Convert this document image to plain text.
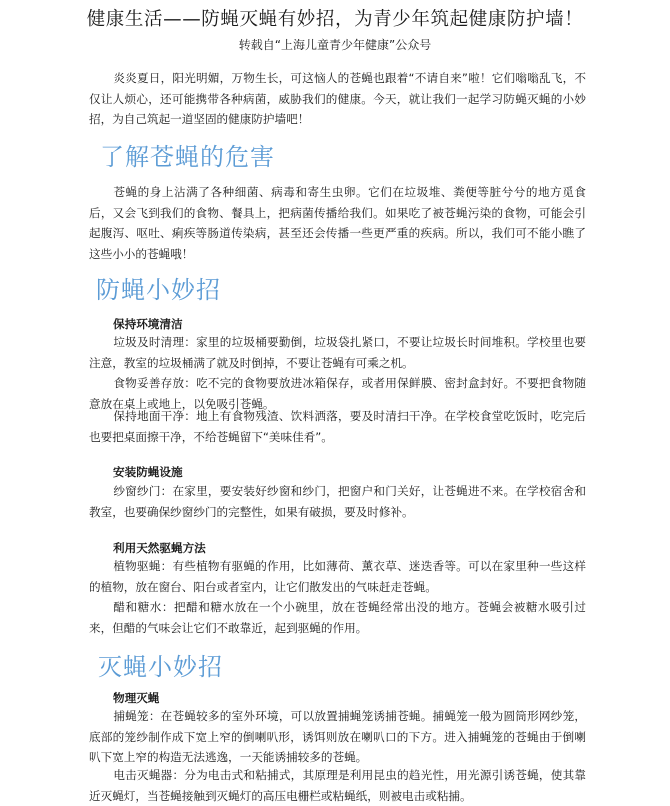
健康生活——防蝇灭蝇有妙招，为青少年筑起健康防护墙！
转载自“上海儿童青少年健康”公众号

炎炎夏日，阳光明媚，万物生长，可这恼人的苍蝇也跟着“不请自来”啦！它们嗡嗡乱飞，不仅让人烦心，还可能携带各种病菌，威胁我们的健康。今天，就让我们一起学习防蝇灭蝇的小妙招，为自己筑起一道坚固的健康防护墙吧！

了解苍蝇的危害

苍蝇的身上沾满了各种细菌、病毒和寄生虫卵。它们在垃圾堆、粪便等脏兮兮的地方觅食后，又会飞到我们的食物、餐具上，把病菌传播给我们。如果吃了被苍蝇污染的食物，可能会引起腹泻、呕吐、痢疾等肠道传染病，甚至还会传播一些更严重的疾病。所以，我们可不能小瞧了这些小小的苍蝇哦！

防蝇小妙招
保持环境清洁

垃圾及时清理：家里的垃圾桶要勤倒，垃圾袋扎紧口，不要让垃圾长时间堆积。学校里也要注意，教室的垃圾桶满了就及时倒掉，不要让苍蝇有可乘之机。

食物妥善存放：吃不完的食物要放进冰箱保存，或者用保鲜膜、密封盒封好。不要把食物随意放在桌上或地上，以免吸引苍蝇。

保持地面干净：地上有食物残渣、饮料洒落，要及时清扫干净。在学校食堂吃饭时，吃完后也要把桌面擦干净，不给苍蝇留下“美味佳肴”。

安装防蝇设施

纱窗纱门：在家里，要安装好纱窗和纱门，把窗户和门关好，让苍蝇进不来。在学校宿舍和教室，也要确保纱窗纱门的完整性，如果有破损，要及时修补。

利用天然驱蝇方法

植物驱蝇：有些植物有驱蝇的作用，比如薄荷、薰衣草、迷迭香等。可以在家里种一些这样的植物，放在窗台、阳台或者室内，让它们散发出的气味赶走苍蝇。

醋和糖水：把醋和糖水放在一个小碗里，放在苍蝇经常出没的地方。苍蝇会被糖水吸引过来，但醋的气味会让它们不敢靠近，起到驱蝇的作用。

灭蝇小妙招
物理灭蝇

捕蝇笼：在苍蝇较多的室外环境，可以放置捕蝇笼诱捕苍蝇。捕蝇笼一般为圆筒形网纱笼，底部的笼纱制作成下宽上窄的倒喇叭形，诱饵则放在喇叭口的下方。进入捕蝇笼的苍蝇由于倒喇叭下宽上窄的构造无法逃逸，一天能诱捕较多的苍蝇。

电击灭蝇器：分为电击式和粘捕式，其原理是利用昆虫的趋光性，用光源引诱苍蝇，使其靠近灭蝇灯，当苍蝇接触到灭蝇灯的高压电栅栏或粘蝇纸，则被电击或粘捕。
